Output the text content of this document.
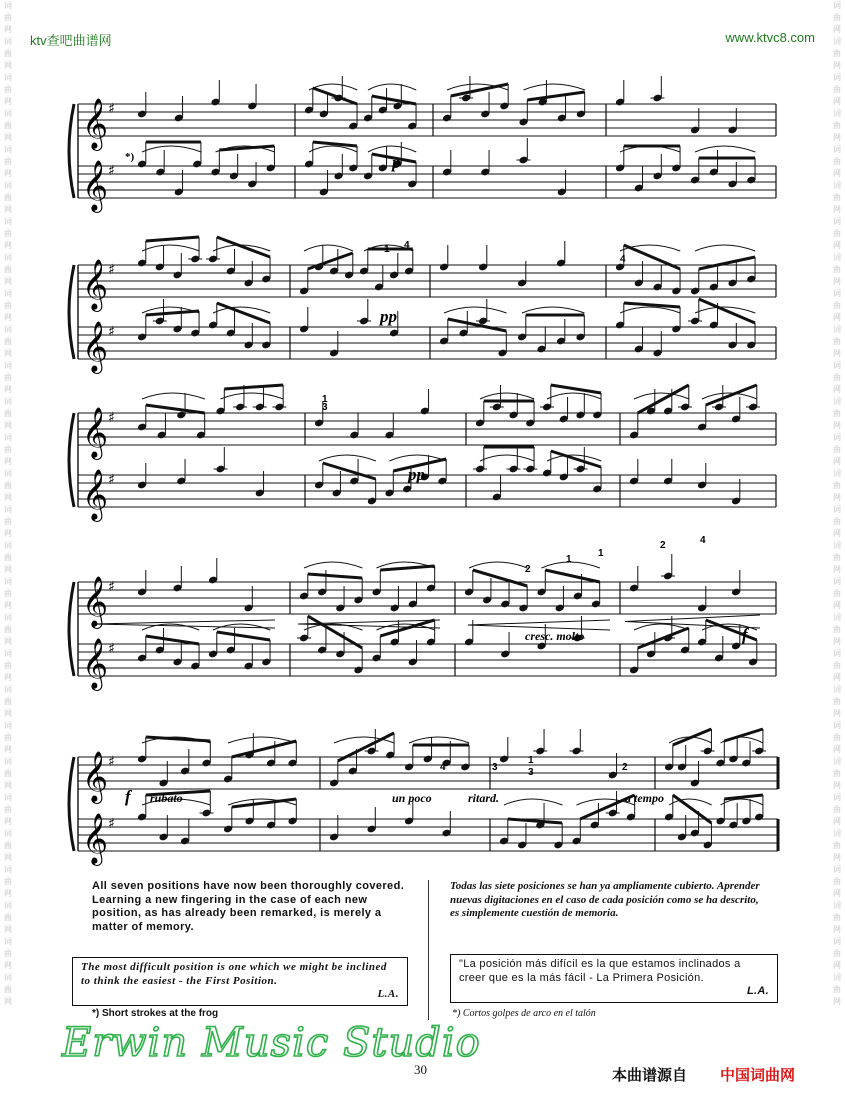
词曲网词曲网词曲网词曲网词曲网词曲网词曲网词曲网词曲网词曲网词曲网词曲网词曲网词曲网词曲网词曲网词曲网词曲网词曲网词曲网词曲网词曲网词曲网词曲网词曲网词曲网词曲网词曲网
词曲网词曲网词曲网词曲网词曲网词曲网词曲网词曲网词曲网词曲网词曲网词曲网词曲网词曲网词曲网词曲网词曲网词曲网词曲网词曲网词曲网词曲网词曲网词曲网词曲网词曲网词曲网词曲网
ktv查吧曲谱网	www.ktvc8.com
𝄞 ♯
𝄞 ♯
𝄞 ♯
𝄞 ♯
𝄞 ♯
𝄞 ♯
𝄞 ♯
𝄞 ♯
𝄞 ♯
𝄞 ♯
*)	p
pp
pp
f
f
cresc. molto
rubato	un poco	ritard.	a tempo
1 4
4
1
3
2
1
1
2	4
4	3
1
3	2
All seven positions have now been thoroughly covered. Learning a new fingering in the case of each new position, as has already been remarked, is merely a matter of memory.
Todas las siete posiciones se han ya ampliamente cubierto. Aprender nuevas digitaciones en el caso de cada posición como se ha descrito, es simplemente cuestión de memoria.
The most difficult position is one which we might be inclined to think the easiest - the First Position.
L.A.
"La posición más difícil es la que estamos inclinados a creer que es la más fácil - La Primera Posición.
L.A.
*) Short strokes at the frog	*) Cortos golpes de arco en el talón
Erwin Music Studio
30	本曲谱源自 中国词曲网
